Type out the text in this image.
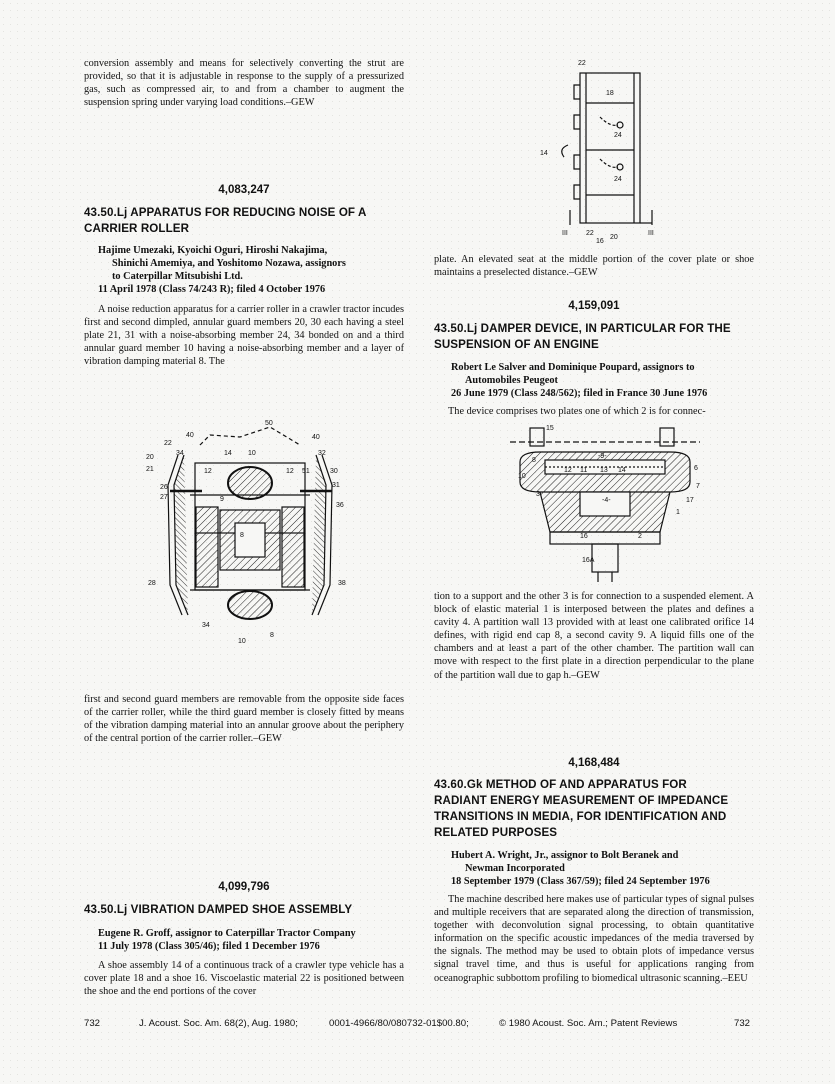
conversion assembly and means for selectively converting the strut are provided, so that it is adjustable in response to the supply of a pressurized gas, such as compressed air, to and from a chamber to augment the suspension spring under varying load conditions.–GEW

4,083,247
43.50.Lj APPARATUS FOR REDUCING NOISE OF A
CARRIER ROLLER
Hajime Umezaki, Kyoichi Oguri, Hiroshi Nakajima,
Shinichi Amemiya, and Yoshitomo Nozawa, assignors
to Caterpillar Mitsubishi Ltd.
11 April 1978 (Class 74/243 R); filed 4 October 1976

A noise reduction apparatus for a carrier roller in a crawler tractor incudes first and second dimpled, annular guard members 20, 30 each having a steel plate 21, 31 with a noise-absorbing member 24, 34 bonded on and a third annular guard member 10 having a noise-absorbing member and a layer of vibration damping material 8. The

50
40	40
22
34	14 10	32
20
12	12 51	30
21
31
26
27	9
36
8
28	38
10
8
34

first and second guard members are removable from the opposite side faces of the carrier roller, while the third guard member is closely fitted by means of the vibration damping material into an annular groove about the periphery of the central portion of the carrier roller.–GEW

4,099,796
43.50.Lj VIBRATION DAMPED SHOE ASSEMBLY
Eugene R. Groff, assignor to Caterpillar Tractor Company
11 July 1978 (Class 305/46); filed 1 December 1976

A shoe assembly 14 of a continuous track of a crawler type vehicle has a cover plate 18 and a shoe 16. Viscoelastic material 22 is positioned between the shoe and the end portions of the cover

22
18
24
14
24
III	22
16
20
III

plate. An elevated seat at the middle portion of the cover plate or shoe maintains a preselected distance.–GEW

4,159,091
43.50.Lj DAMPER DEVICE, IN PARTICULAR FOR THE
SUSPENSION OF AN ENGINE
Robert Le Salver and Dominique Poupard, assignors to
Automobiles Peugeot
26 June 1979 (Class 248/562); filed in France 30 June 1976

The device comprises two plates one of which 2 is for connec-

15
-9-
8
12 11 13 14	6
10
7
3
-4-	17
1
16	2
16A

tion to a support and the other 3 is for connection to a suspended element. A block of elastic material 1 is interposed between the plates and defines a cavity 4. A partition wall 13 provided with at least one calibrated orifice 14 defines, with rigid end cap 8, a second cavity 9. A liquid fills one of the chambers and at least a part of the other chamber. The partition wall can move with respect to the first plate in a direction perpendicular to the plane of the partition wall due to gap h.–GEW

4,168,484
43.60.Gk METHOD OF AND APPARATUS FOR
RADIANT ENERGY MEASUREMENT OF IMPEDANCE
TRANSITIONS IN MEDIA, FOR IDENTIFICATION AND
RELATED PURPOSES
Hubert A. Wright, Jr., assignor to Bolt Beranek and
Newman Incorporated
18 September 1979 (Class 367/59); filed 24 September 1976

The machine described here makes use of particular types of signal pulses and multiple receivers that are separated along the direction of transmission, together with deconvolution signal processing, to obtain quantitative information on the specific acoustic impedances of the media traversed by the signals. The method may be used to obtain plots of impedance versus signal travel time, and thus is useful for applications ranging from oceanographic subbottom profiling to biomedical ultrasonic scanning.–EEU

732	J. Acoust. Soc. Am. 68(2), Aug. 1980;	0001-4966/80/080732-01$00.80;	© 1980 Acoust. Soc. Am.; Patent Reviews	732
